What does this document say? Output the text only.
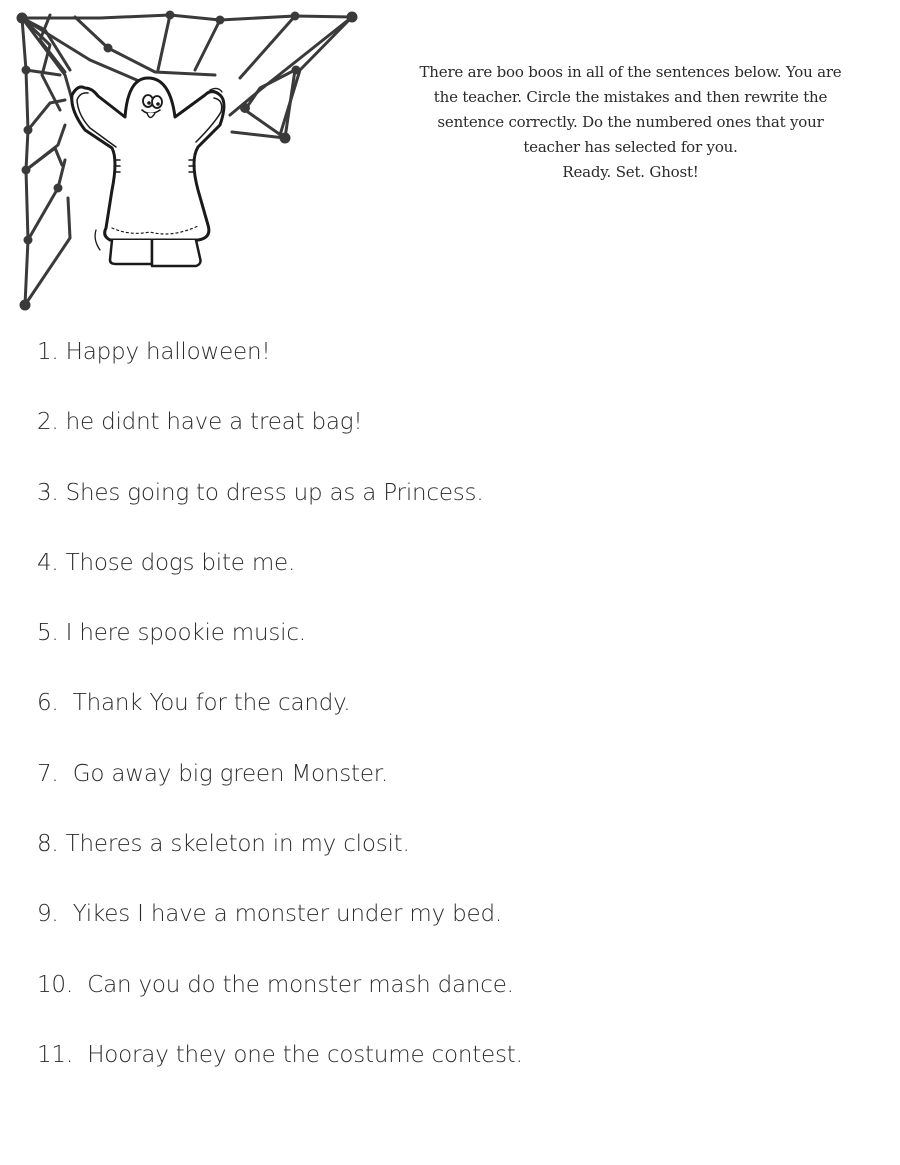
There are boo boos in all of the sentences below. You are

the teacher. Circle the mistakes and then rewrite the

sentence correctly. Do the numbered ones that your

teacher has selected for you.

Ready. Set. Ghost!

1. Happy halloween!
2. he didnt have a treat bag!
3. Shes going to dress up as a Princess.
4. Those dogs bite me.
5. I here spookie music.
6.  Thank You for the candy.
7.  Go away big green Monster.
8. Theres a skeleton in my closit.
9.  Yikes I have a monster under my bed.
10.  Can you do the monster mash dance.
11.  Hooray they one the costume contest.
